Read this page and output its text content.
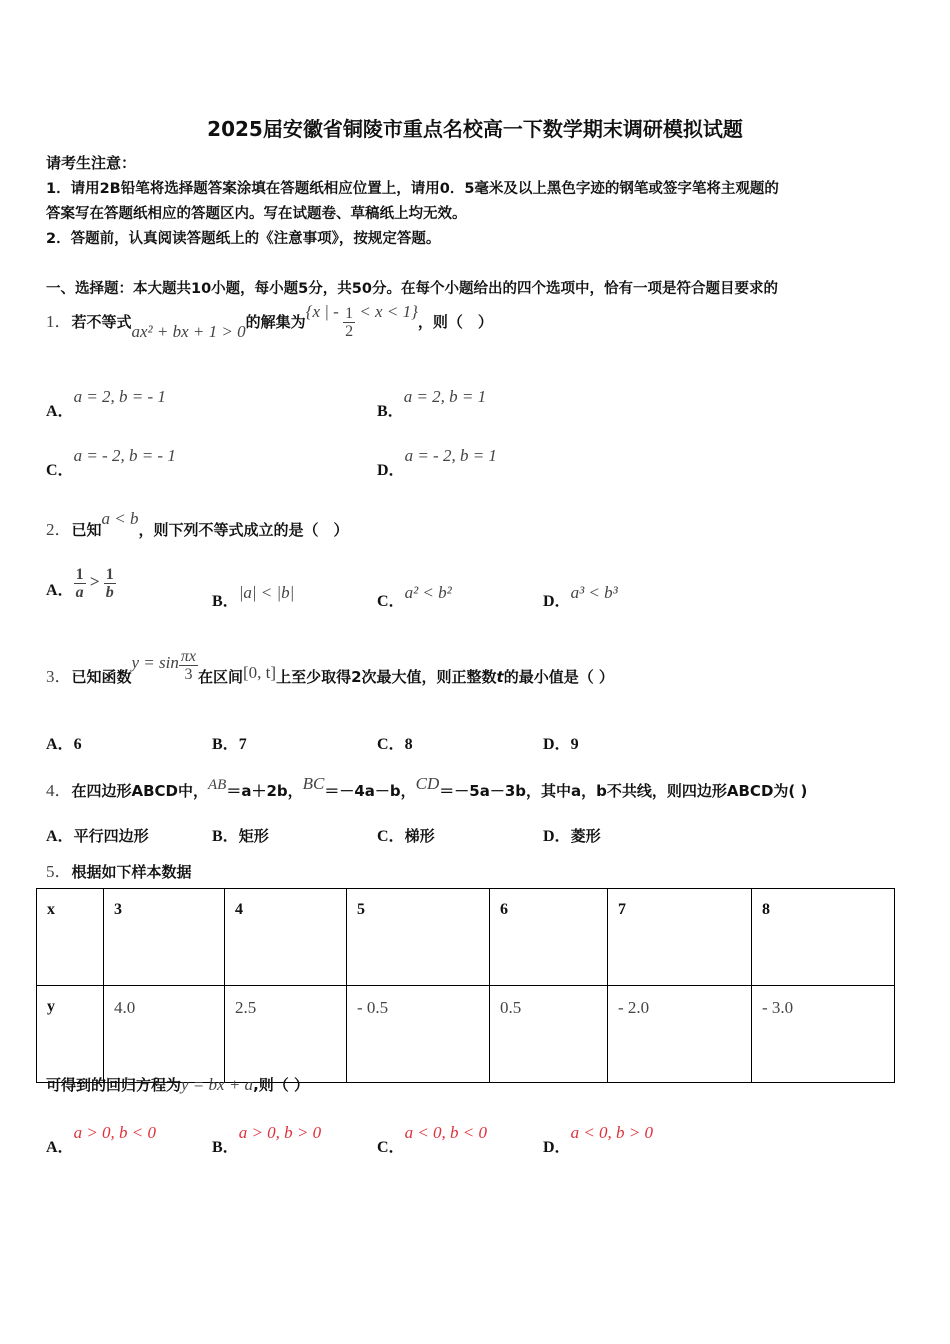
2025届安徽省铜陵市重点名校高一下数学期末调研模拟试题
请考生注意：
1．请用2B铅笔将选择题答案涂填在答题纸相应位置上，请用0．5毫米及以上黑色字迹的钢笔或签字笔将主观题的
答案写在答题纸相应的答题区内。写在试题卷、草稿纸上均无效。
2．答题前，认真阅读答题纸上的《注意事项》，按规定答题。
一、选择题：本大题共10小题，每小题5分，共50分。在每个小题给出的四个选项中，恰有一项是符合题目要求的
1．若不等式ax² + bx + 1 > 0的解集为{x | - $\frac{1}{2} < x < 1$}，则（　）
A．a = 2, b = - 1
B．a = 2, b = 1
C．a = - 2, b = - 1
D．a = - 2, b = 1
2．已知a < b，则下列不等式成立的是（　）
A． $\frac{1}{a} > \frac{1}{b}$
B．|a| < |b|	C．a² < b²	D．a³ < b³
3．已知函数$y = \sin \frac{\pi x}{3}$ 在区间[0, t]上至少取得2次最大值，则正整数t的最小值是（ ）
A．6	B．7	C．8	D．9
4．在四边形ABCD中，AB＝a＋2b，BC＝－4a－b，CD＝－5a－3b，其中a，b不共线，则四边形ABCD为( )
A．平行四边形	B．矩形	C．梯形	D．菱形
5．根据如下样本数据
x	3	4	5	6	7	8
y	4.0	2.5	- 0.5	0.5	- 2.0	- 3.0
可得到的回归方程为y = bx + a,则（ ）
A．a > 0, b < 0
B．a > 0, b > 0
C．a < 0, b < 0
D．a < 0, b > 0
